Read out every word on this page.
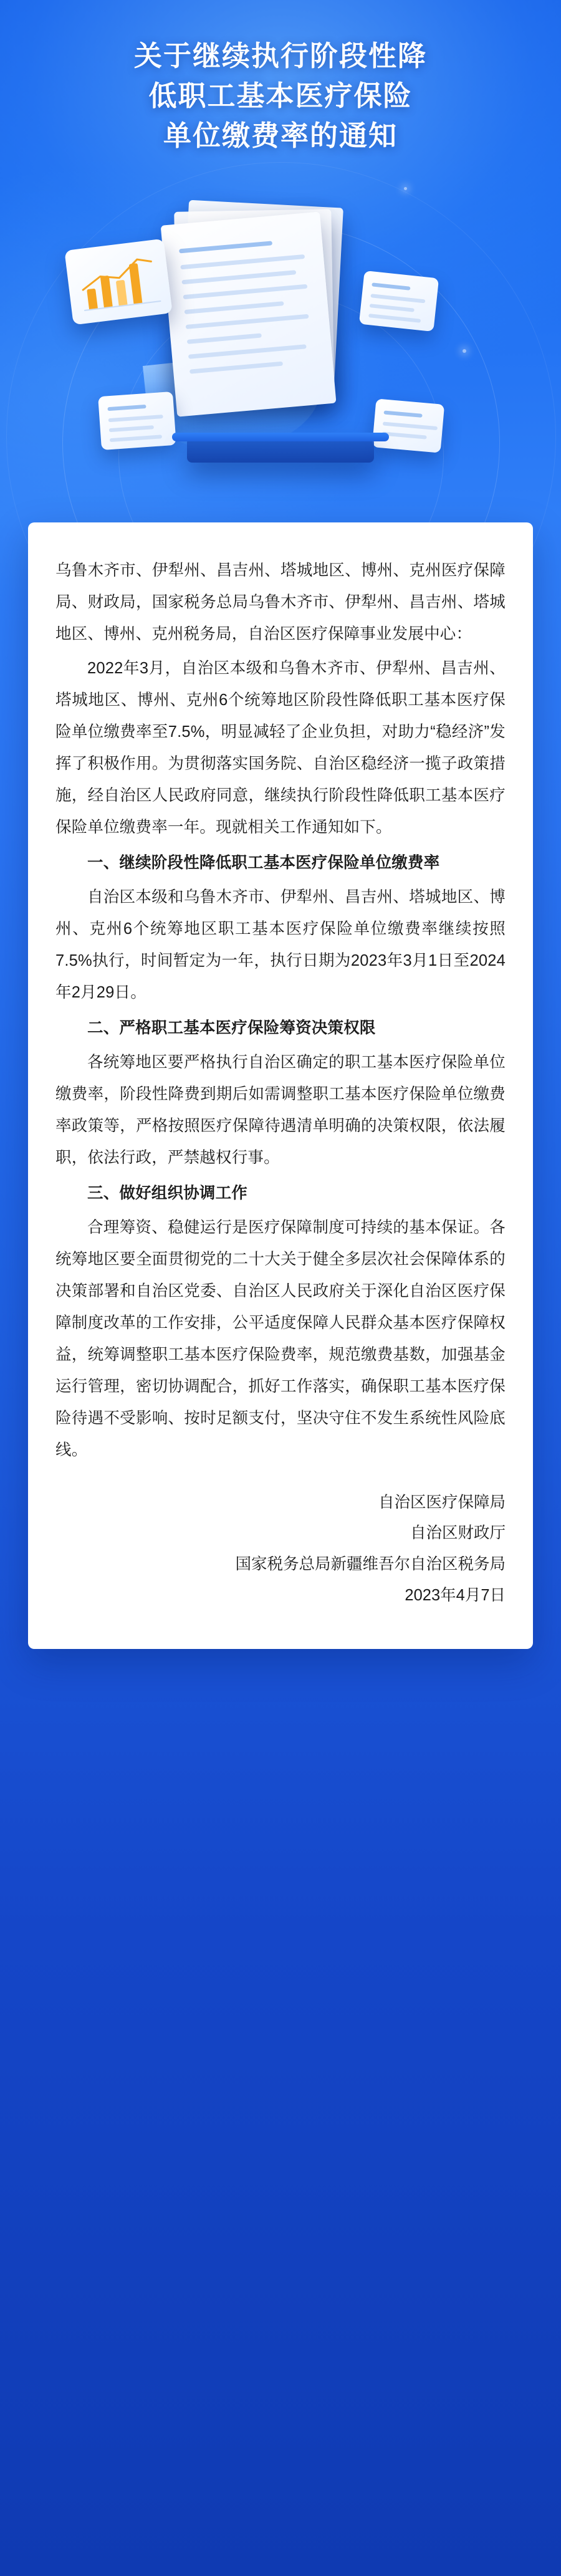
关于继续执行阶段性降
低职工基本医疗保险
单位缴费率的通知

乌鲁木齐市、伊犁州、昌吉州、塔城地区、博州、克州医疗保障局、财政局，国家税务总局乌鲁木齐市、伊犁州、昌吉州、塔城地区、博州、克州税务局，自治区医疗保障事业发展中心：

2022年3月，自治区本级和乌鲁木齐市、伊犁州、昌吉州、塔城地区、博州、克州6个统筹地区阶段性降低职工基本医疗保险单位缴费率至7.5%，明显减轻了企业负担，对助力“稳经济”发挥了积极作用。为贯彻落实国务院、自治区稳经济一揽子政策措施，经自治区人民政府同意，继续执行阶段性降低职工基本医疗保险单位缴费率一年。现就相关工作通知如下。

一、继续阶段性降低职工基本医疗保险单位缴费率

自治区本级和乌鲁木齐市、伊犁州、昌吉州、塔城地区、博州、克州6个统筹地区职工基本医疗保险单位缴费率继续按照7.5%执行，时间暂定为一年，执行日期为2023年3月1日至2024年2月29日。

二、严格职工基本医疗保险筹资决策权限

各统筹地区要严格执行自治区确定的职工基本医疗保险单位缴费率，阶段性降费到期后如需调整职工基本医疗保险单位缴费率政策等，严格按照医疗保障待遇清单明确的决策权限，依法履职，依法行政，严禁越权行事。

三、做好组织协调工作

合理筹资、稳健运行是医疗保障制度可持续的基本保证。各统筹地区要全面贯彻党的二十大关于健全多层次社会保障体系的决策部署和自治区党委、自治区人民政府关于深化自治区医疗保障制度改革的工作安排，公平适度保障人民群众基本医疗保障权益，统筹调整职工基本医疗保险费率，规范缴费基数，加强基金运行管理，密切协调配合，抓好工作落实，确保职工基本医疗保险待遇不受影响、按时足额支付，坚决守住不发生系统性风险底线。

自治区医疗保障局
自治区财政厅
国家税务总局新疆维吾尔自治区税务局
2023年4月7日
